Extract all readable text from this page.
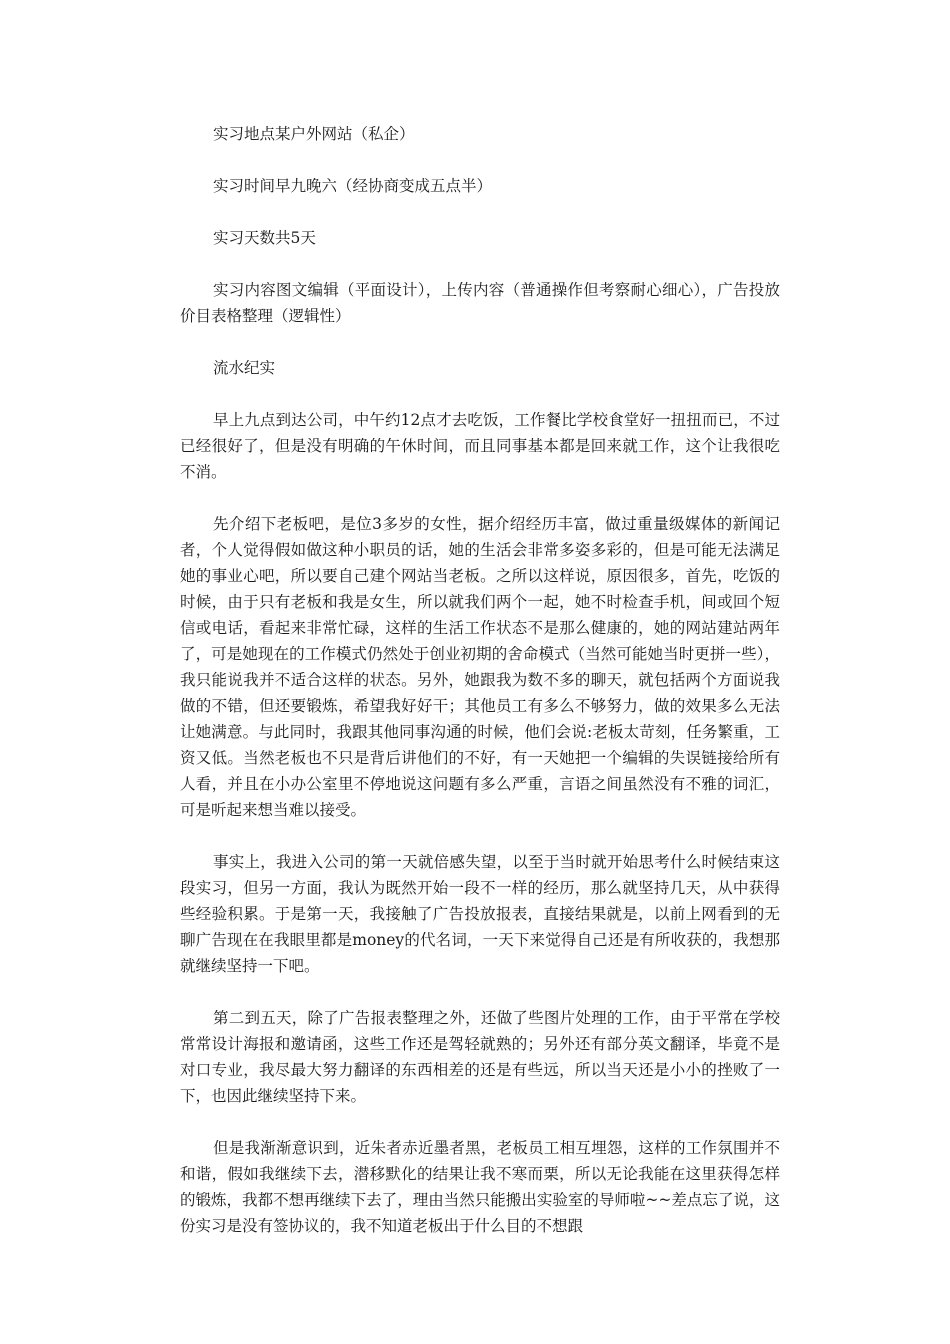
实习地点某户外网站（私企）

实习时间早九晚六（经协商变成五点半）

实习天数共5天

实习内容图文编辑（平面设计），上传内容（普通操作但考察耐心细心），广告投放价目表格整理（逻辑性）

流水纪实

早上九点到达公司，中午约12点才去吃饭，工作餐比学校食堂好一扭扭而已，不过已经很好了，但是没有明确的午休时间，而且同事基本都是回来就工作，这个让我很吃不消。

先介绍下老板吧，是位3多岁的女性，据介绍经历丰富，做过重量级媒体的新闻记者，个人觉得假如做这种小职员的话，她的生活会非常多姿多彩的，但是可能无法满足她的事业心吧，所以要自己建个网站当老板。之所以这样说，原因很多，首先，吃饭的时候，由于只有老板和我是女生，所以就我们两个一起，她不时检查手机，间或回个短信或电话，看起来非常忙碌，这样的生活工作状态不是那么健康的，她的网站建站两年了，可是她现在的工作模式仍然处于创业初期的舍命模式（当然可能她当时更拼一些），我只能说我并不适合这样的状态。另外，她跟我为数不多的聊天，就包括两个方面说我做的不错，但还要锻炼，希望我好好干；其他员工有多么不够努力，做的效果多么无法让她满意。与此同时，我跟其他同事沟通的时候，他们会说:老板太苛刻，任务繁重，工资又低。当然老板也不只是背后讲他们的不好，有一天她把一个编辑的失误链接给所有人看，并且在小办公室里不停地说这问题有多么严重，言语之间虽然没有不雅的词汇，可是听起来想当难以接受。

事实上，我进入公司的第一天就倍感失望，以至于当时就开始思考什么时候结束这段实习，但另一方面，我认为既然开始一段不一样的经历，那么就坚持几天，从中获得些经验积累。于是第一天，我接触了广告投放报表，直接结果就是，以前上网看到的无聊广告现在在我眼里都是money的代名词，一天下来觉得自己还是有所收获的，我想那就继续坚持一下吧。

第二到五天，除了广告报表整理之外，还做了些图片处理的工作，由于平常在学校常常设计海报和邀请函，这些工作还是驾轻就熟的；另外还有部分英文翻译，毕竟不是对口专业，我尽最大努力翻译的东西相差的还是有些远，所以当天还是小小的挫败了一下，也因此继续坚持下来。

但是我渐渐意识到，近朱者赤近墨者黑，老板员工相互埋怨，这样的工作氛围并不和谐，假如我继续下去，潜移默化的结果让我不寒而栗，所以无论我能在这里获得怎样的锻炼，我都不想再继续下去了，理由当然只能搬出实验室的导师啦~~差点忘了说，这份实习是没有签协议的，我不知道老板出于什么目的不想跟
